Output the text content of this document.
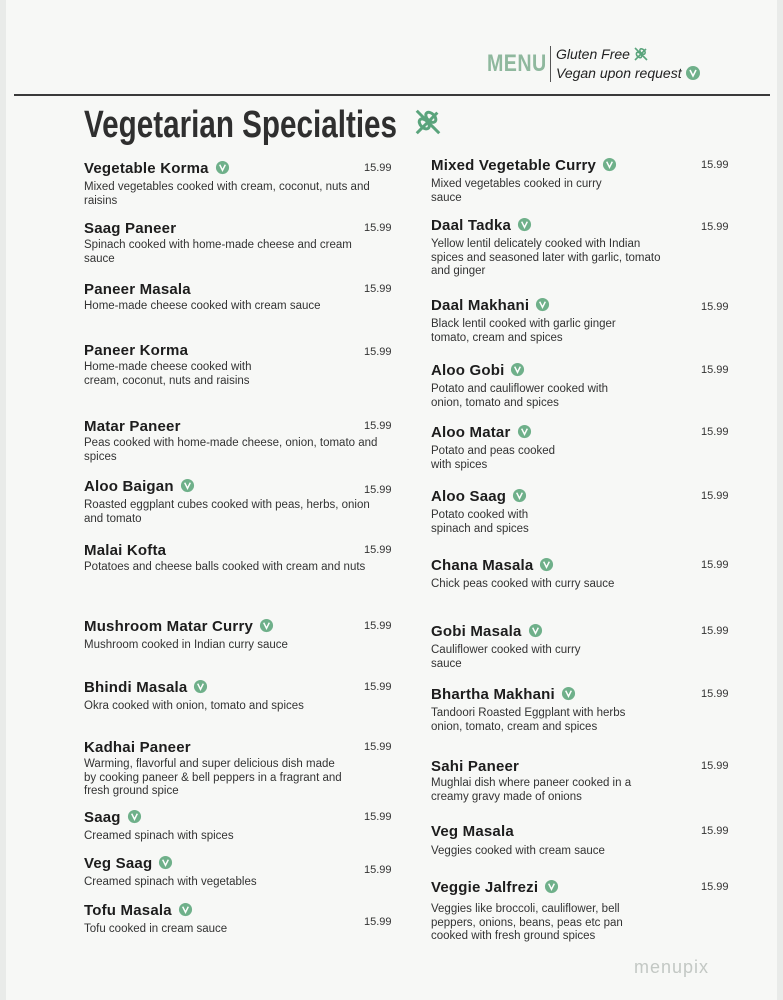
MENU Gluten Free
Vegan upon request
Vegetarian Specialties
Vegetable Korma
Mixed vegetables cooked with cream, coconut, nuts and raisins
15.99
Saag Paneer
Spinach cooked with home-made cheese and cream sauce
15.99
Paneer Masala
Home-made cheese cooked with cream sauce
15.99
Paneer Korma
Home-made cheese cooked with cream, coconut, nuts and raisins
15.99
Matar Paneer
Peas cooked with home-made cheese, onion, tomato and spices
15.99
Aloo Baigan
Roasted eggplant cubes cooked with peas, herbs, onion and tomato
15.99
Malai Kofta
Potatoes and cheese balls cooked with cream and nuts
15.99
Mushroom Matar Curry
Mushroom cooked in Indian curry sauce
15.99
Bhindi Masala
Okra cooked with onion, tomato and spices
15.99
Kadhai Paneer
Warming, flavorful and super delicious dish made by cooking paneer & bell peppers in a fragrant and fresh ground spice
15.99
Saag
Creamed spinach with spices
15.99
Veg Saag
Creamed spinach with vegetables
15.99
Tofu Masala
Tofu cooked in cream sauce
15.99
Mixed Vegetable Curry
Mixed vegetables cooked in curry sauce
15.99
Daal Tadka
Yellow lentil delicately cooked with Indian spices and seasoned later with garlic, tomato and ginger
15.99
Daal Makhani
Black lentil cooked with garlic ginger tomato, cream and spices
15.99
Aloo Gobi
Potato and cauliflower cooked with onion, tomato and spices
15.99
Aloo Matar
Potato and peas cooked with spices
15.99
Aloo Saag
Potato cooked with spinach and spices
15.99
Chana Masala
Chick peas cooked with curry sauce
15.99
Gobi Masala
Cauliflower cooked with curry sauce
15.99
Bhartha Makhani
Tandoori Roasted Eggplant with herbs onion, tomato, cream and spices
15.99
Sahi Paneer
Mughlai dish where paneer cooked in a creamy gravy made of onions
15.99
Veg Masala
Veggies cooked with cream sauce
15.99
Veggie Jalfrezi
Veggies like broccoli, cauliflower, bell peppers, onions, beans, peas etc pan cooked with fresh ground spices
15.99
menupix
